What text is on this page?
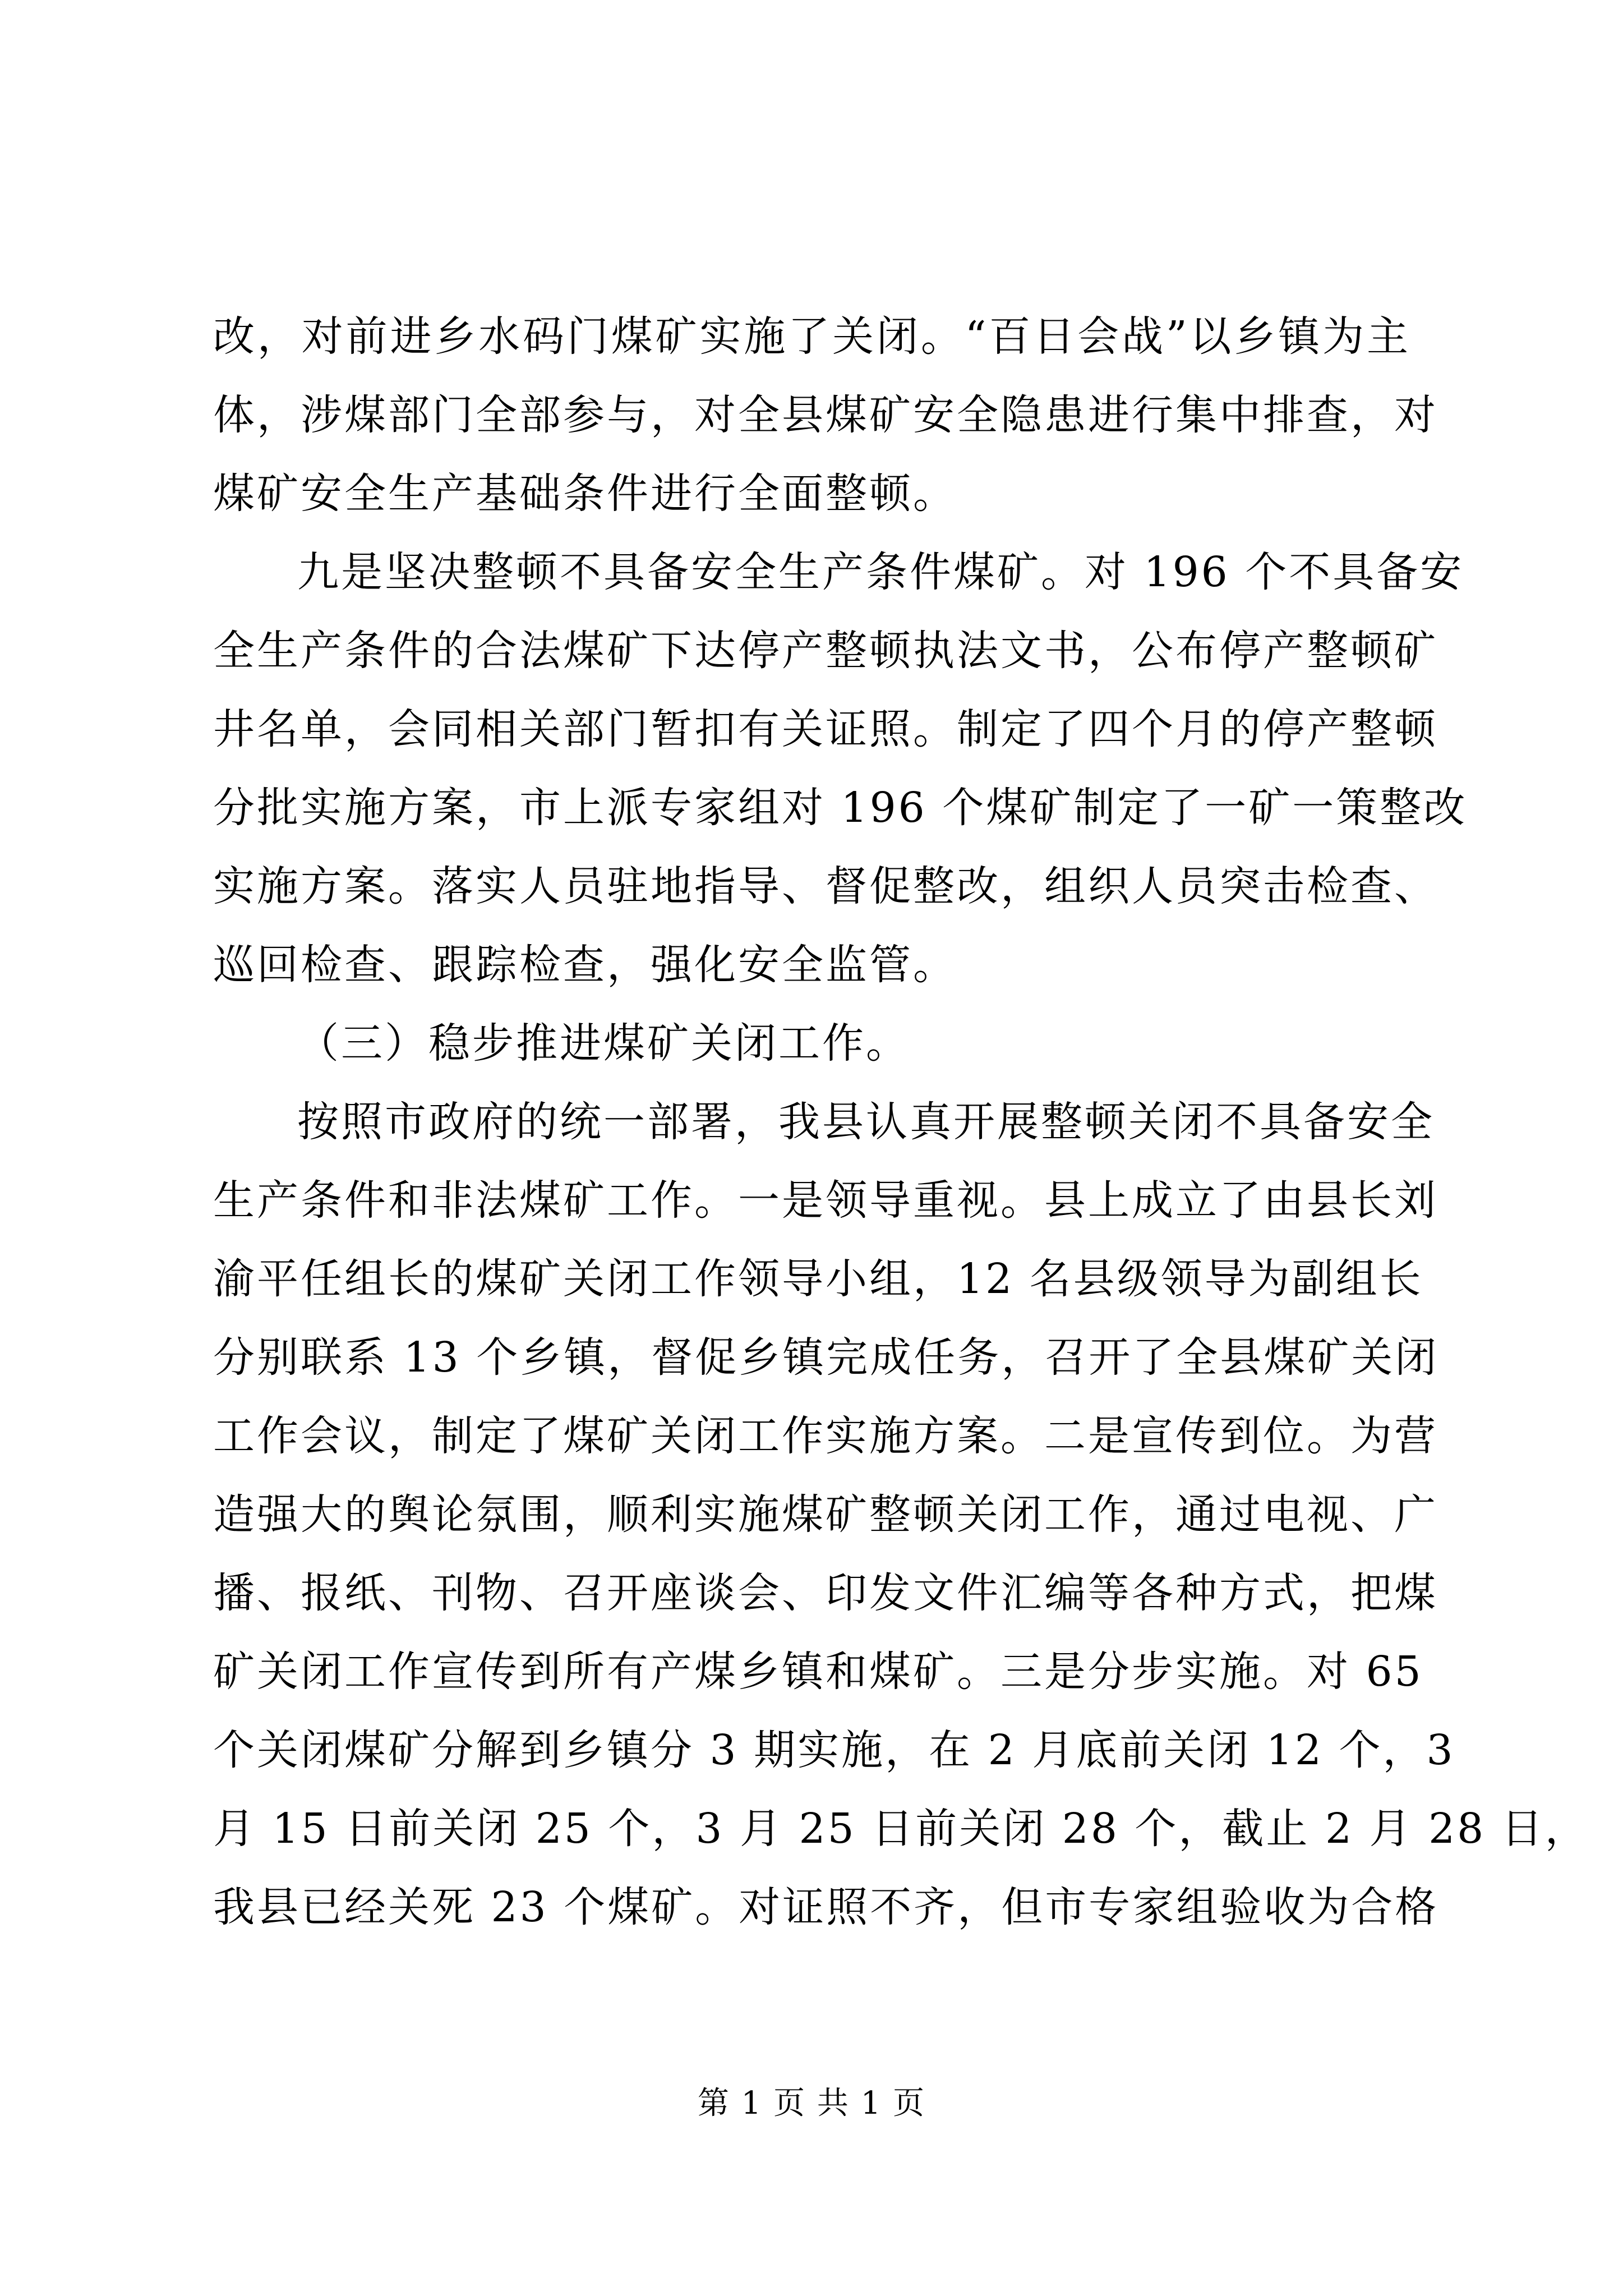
改，对前进乡水码门煤矿实施了关闭。“百日会战”以乡镇为主
体，涉煤部门全部参与，对全县煤矿安全隐患进行集中排查，对
煤矿安全生产基础条件进行全面整顿。
九是坚决整顿不具备安全生产条件煤矿。对 196 个不具备安
全生产条件的合法煤矿下达停产整顿执法文书，公布停产整顿矿
井名单，会同相关部门暂扣有关证照。制定了四个月的停产整顿
分批实施方案，市上派专家组对 196 个煤矿制定了一矿一策整改
实施方案。落实人员驻地指导、督促整改，组织人员突击检查、
巡回检查、跟踪检查，强化安全监管。
（三）稳步推进煤矿关闭工作。
按照市政府的统一部署，我县认真开展整顿关闭不具备安全
生产条件和非法煤矿工作。一是领导重视。县上成立了由县长刘
渝平任组长的煤矿关闭工作领导小组，12 名县级领导为副组长
分别联系 13 个乡镇，督促乡镇完成任务，召开了全县煤矿关闭
工作会议，制定了煤矿关闭工作实施方案。二是宣传到位。为营
造强大的舆论氛围，顺利实施煤矿整顿关闭工作，通过电视、广
播、报纸、刊物、召开座谈会、印发文件汇编等各种方式，把煤
矿关闭工作宣传到所有产煤乡镇和煤矿。三是分步实施。对 65
个关闭煤矿分解到乡镇分 3 期实施，在 2 月底前关闭 12 个，3
月 15 日前关闭 25 个，3 月 25 日前关闭 28 个，截止 2 月 28 日，
我县已经关死 23 个煤矿。对证照不齐，但市专家组验收为合格
第 1 页 共 1 页
